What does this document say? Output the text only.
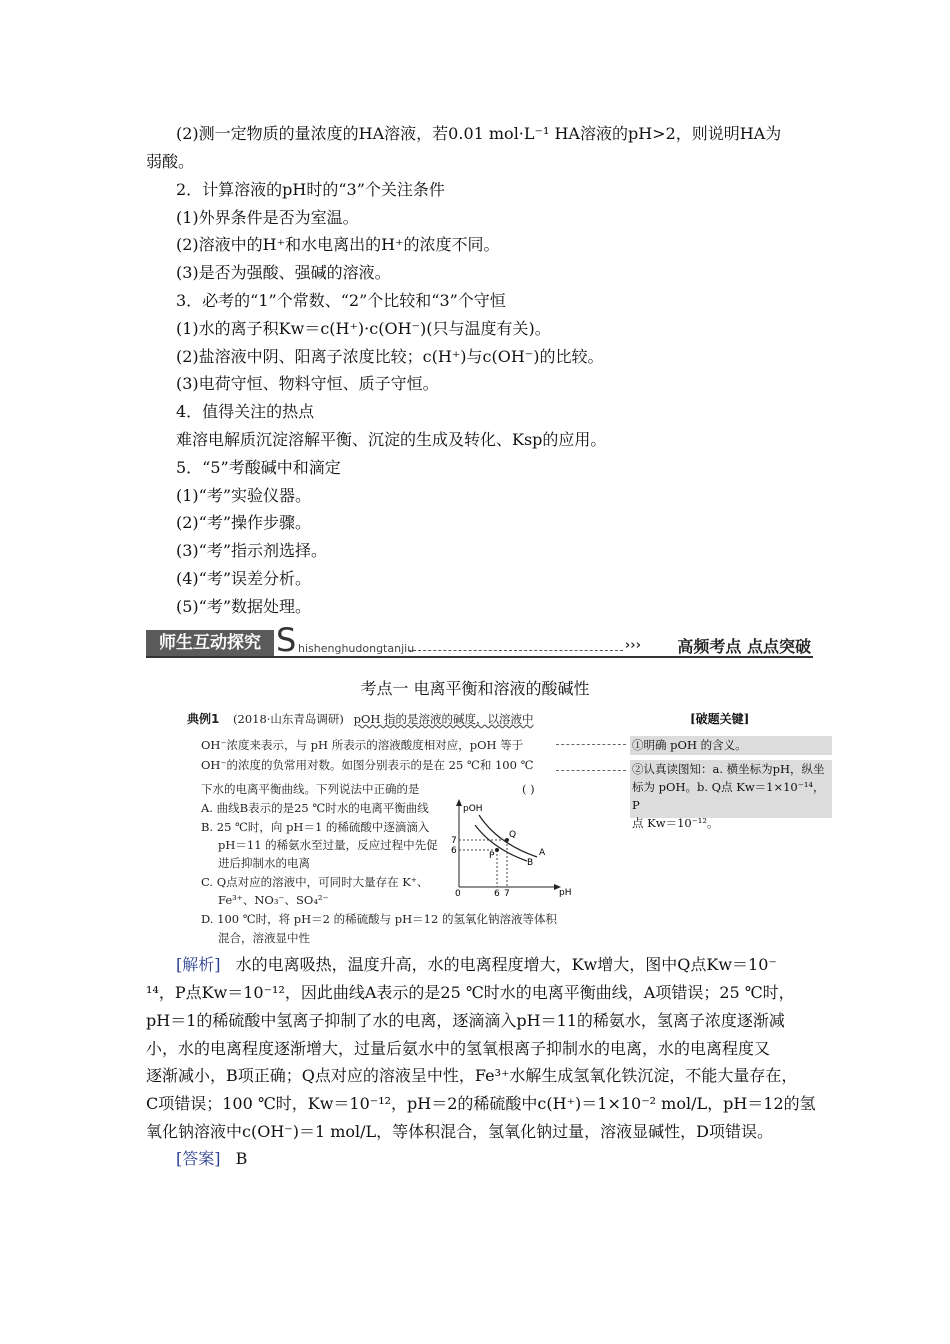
(2)测一定物质的量浓度的HA溶液，若0.01 mol·L⁻¹ HA溶液的pH>2，则说明HA为
弱酸。
2．计算溶液的pH时的“3”个关注条件
(1)外界条件是否为室温。
(2)溶液中的H⁺和水电离出的H⁺的浓度不同。
(3)是否为强酸、强碱的溶液。
3．必考的“1”个常数、“2”个比较和“3”个守恒
(1)水的离子积Kw＝c(H⁺)·c(OH⁻)(只与温度有关)。
(2)盐溶液中阴、阳离子浓度比较；c(H⁺)与c(OH⁻)的比较。
(3)电荷守恒、物料守恒、质子守恒。
4．值得关注的热点
难溶电解质沉淀溶解平衡、沉淀的生成及转化、Ksp的应用。
5．“5”考酸碱中和滴定
(1)“考”实验仪器。
(2)“考”操作步骤。
(3)“考”指示剂选择。
(4)“考”误差分析。
(5)“考”数据处理。
师生互动探究 S hishenghudongtanjiu	››› 高频考点 点点突破
考点一 电离平衡和溶液的酸碱性
典例1 (2018·山东青岛调研) pOH 指的是溶液的碱度，以溶液中
OH⁻浓度来表示，与 pH 所表示的溶液酸度相对应，pOH 等于
OH⁻的浓度的负常用对数。如图分别表示的是在 25 ℃和 100 ℃
下水的电离平衡曲线。下列说法中正确的是	( )
A. 曲线B表示的是25 ℃时水的电离平衡曲线
B. 25 ℃时，向 pH＝1 的稀硫酸中逐滴滴入
pH＝11 的稀氨水至过量，反应过程中先促
进后抑制水的电离
C. Q点对应的溶液中，可同时大量存在 K⁺、
Fe³⁺、NO₃⁻、SO₄²⁻
D. 100 ℃时，将 pH＝2 的稀硫酸与 pH＝12 的氢氧化钠溶液等体积
混合，溶液显中性
[破题关键]
①明确 pOH 的含义。
②认真读图知：a. 横坐标为pH，纵坐
标为 pOH。b. Q点 Kw＝1×10⁻¹⁴，P
点 Kw＝10⁻¹²。
pOH
pH
0
7
6
6 7
Q
P	A
B
[解析] 水的电离吸热，温度升高，水的电离程度增大，Kw增大，图中Q点Kw＝10⁻
¹⁴，P点Kw＝10⁻¹²，因此曲线A表示的是25 ℃时水的电离平衡曲线，A项错误；25 ℃时，
pH＝1的稀硫酸中氢离子抑制了水的电离，逐滴滴入pH＝11的稀氨水，氢离子浓度逐渐减
小，水的电离程度逐渐增大，过量后氨水中的氢氧根离子抑制水的电离，水的电离程度又
逐渐减小，B项正确；Q点对应的溶液呈中性，Fe³⁺水解生成氢氧化铁沉淀，不能大量存在，
C项错误；100 ℃时，Kw＝10⁻¹²，pH＝2的稀硫酸中c(H⁺)＝1×10⁻² mol/L，pH＝12的氢
氧化钠溶液中c(OH⁻)＝1 mol/L，等体积混合，氢氧化钠过量，溶液显碱性，D项错误。
[答案] B
